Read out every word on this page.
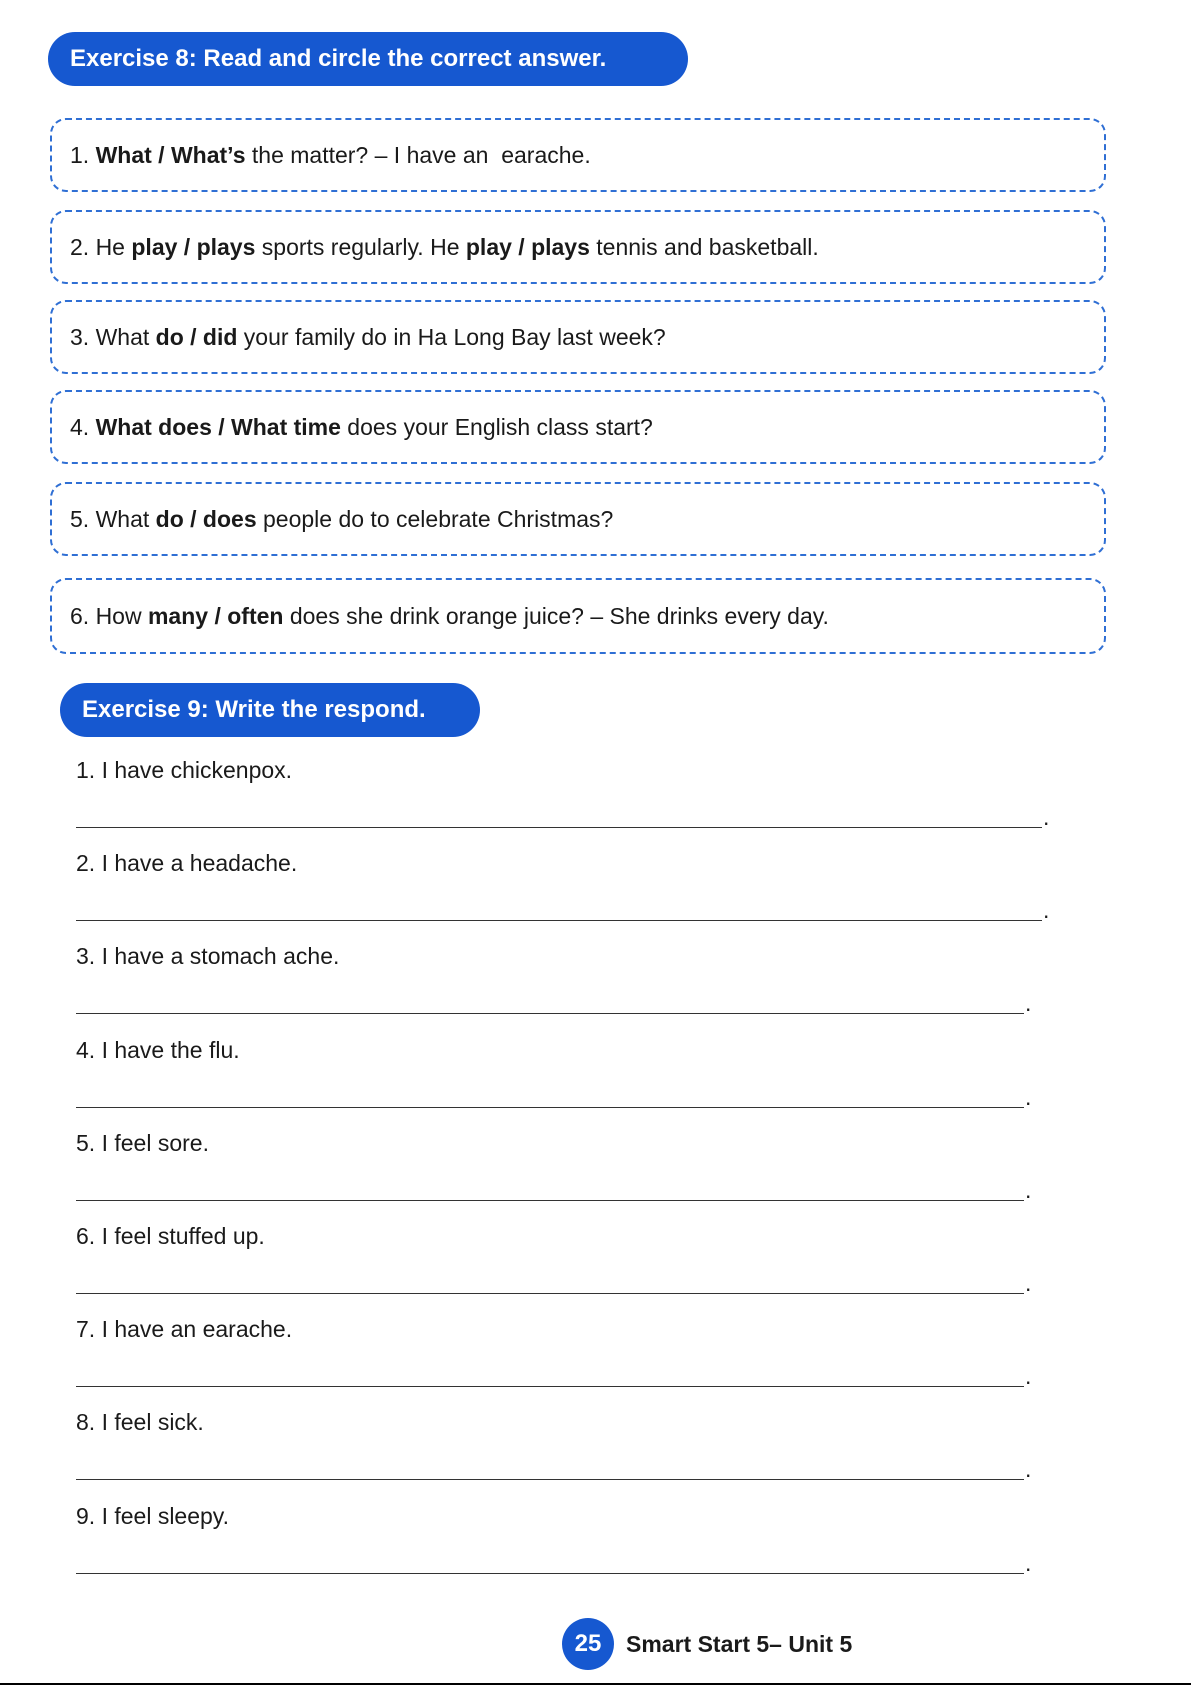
Exercise 8: Read and circle the correct answer.
1. What / What’s the matter? – I have an  earache.
2. He play / plays sports regularly. He play / plays tennis and basketball.
3. What do / did your family do in Ha Long Bay last week?
4. What does / What time does your English class start?
5. What do / does people do to celebrate Christmas?
6. How many / often does she drink orange juice? – She drinks every day.
Exercise 9: Write the respond.
1. I have chickenpox.
.
2. I have a headache.
.
3. I have a stomach ache.
.
4. I have the flu.
.
5. I feel sore.
.
6. I feel stuffed up.
.
7. I have an earache.
.
8. I feel sick.
.
9. I feel sleepy.
.
25	Smart Start 5– Unit 5
